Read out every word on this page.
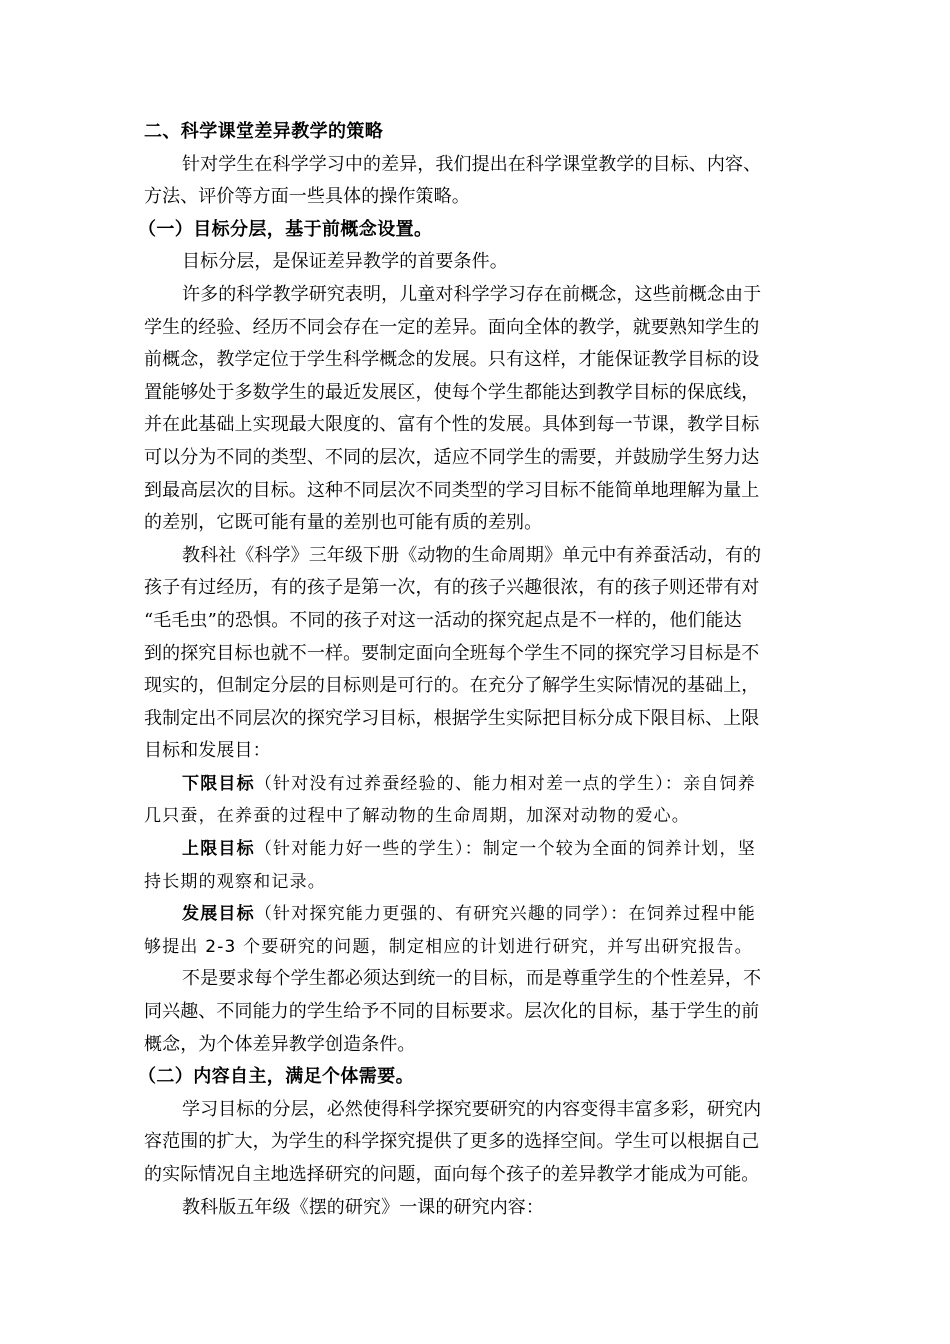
二、科学课堂差异教学的策略
针对学生在科学学习中的差异，我们提出在科学课堂教学的目标、内容、
方法、评价等方面一些具体的操作策略。
（一）目标分层，基于前概念设置。
目标分层，是保证差异教学的首要条件。
许多的科学教学研究表明，儿童对科学学习存在前概念，这些前概念由于
学生的经验、经历不同会存在一定的差异。面向全体的教学，就要熟知学生的
前概念，教学定位于学生科学概念的发展。只有这样，才能保证教学目标的设
置能够处于多数学生的最近发展区，使每个学生都能达到教学目标的保底线，
并在此基础上实现最大限度的、富有个性的发展。具体到每一节课，教学目标
可以分为不同的类型、不同的层次，适应不同学生的需要，并鼓励学生努力达
到最高层次的目标。这种不同层次不同类型的学习目标不能简单地理解为量上
的差别，它既可能有量的差别也可能有质的差别。
教科社《科学》三年级下册《动物的生命周期》单元中有养蚕活动，有的
孩子有过经历，有的孩子是第一次，有的孩子兴趣很浓，有的孩子则还带有对
“毛毛虫”的恐惧。不同的孩子对这一活动的探究起点是不一样的，他们能达
到的探究目标也就不一样。要制定面向全班每个学生不同的探究学习目标是不
现实的，但制定分层的目标则是可行的。在充分了解学生实际情况的基础上，
我制定出不同层次的探究学习目标，根据学生实际把目标分成下限目标、上限
目标和发展目：
下限目标（针对没有过养蚕经验的、能力相对差一点的学生）：亲自饲养
几只蚕，在养蚕的过程中了解动物的生命周期，加深对动物的爱心。
上限目标（针对能力好一些的学生）：制定一个较为全面的饲养计划，坚
持长期的观察和记录。
发展目标（针对探究能力更强的、有研究兴趣的同学）：在饲养过程中能
够提出 2-3 个要研究的问题，制定相应的计划进行研究，并写出研究报告。
不是要求每个学生都必须达到统一的目标，而是尊重学生的个性差异，不
同兴趣、不同能力的学生给予不同的目标要求。层次化的目标，基于学生的前
概念，为个体差异教学创造条件。
（二）内容自主，满足个体需要。
学习目标的分层，必然使得科学探究要研究的内容变得丰富多彩，研究内
容范围的扩大，为学生的科学探究提供了更多的选择空间。学生可以根据自己
的实际情况自主地选择研究的问题，面向每个孩子的差异教学才能成为可能。
教科版五年级《摆的研究》一课的研究内容：
